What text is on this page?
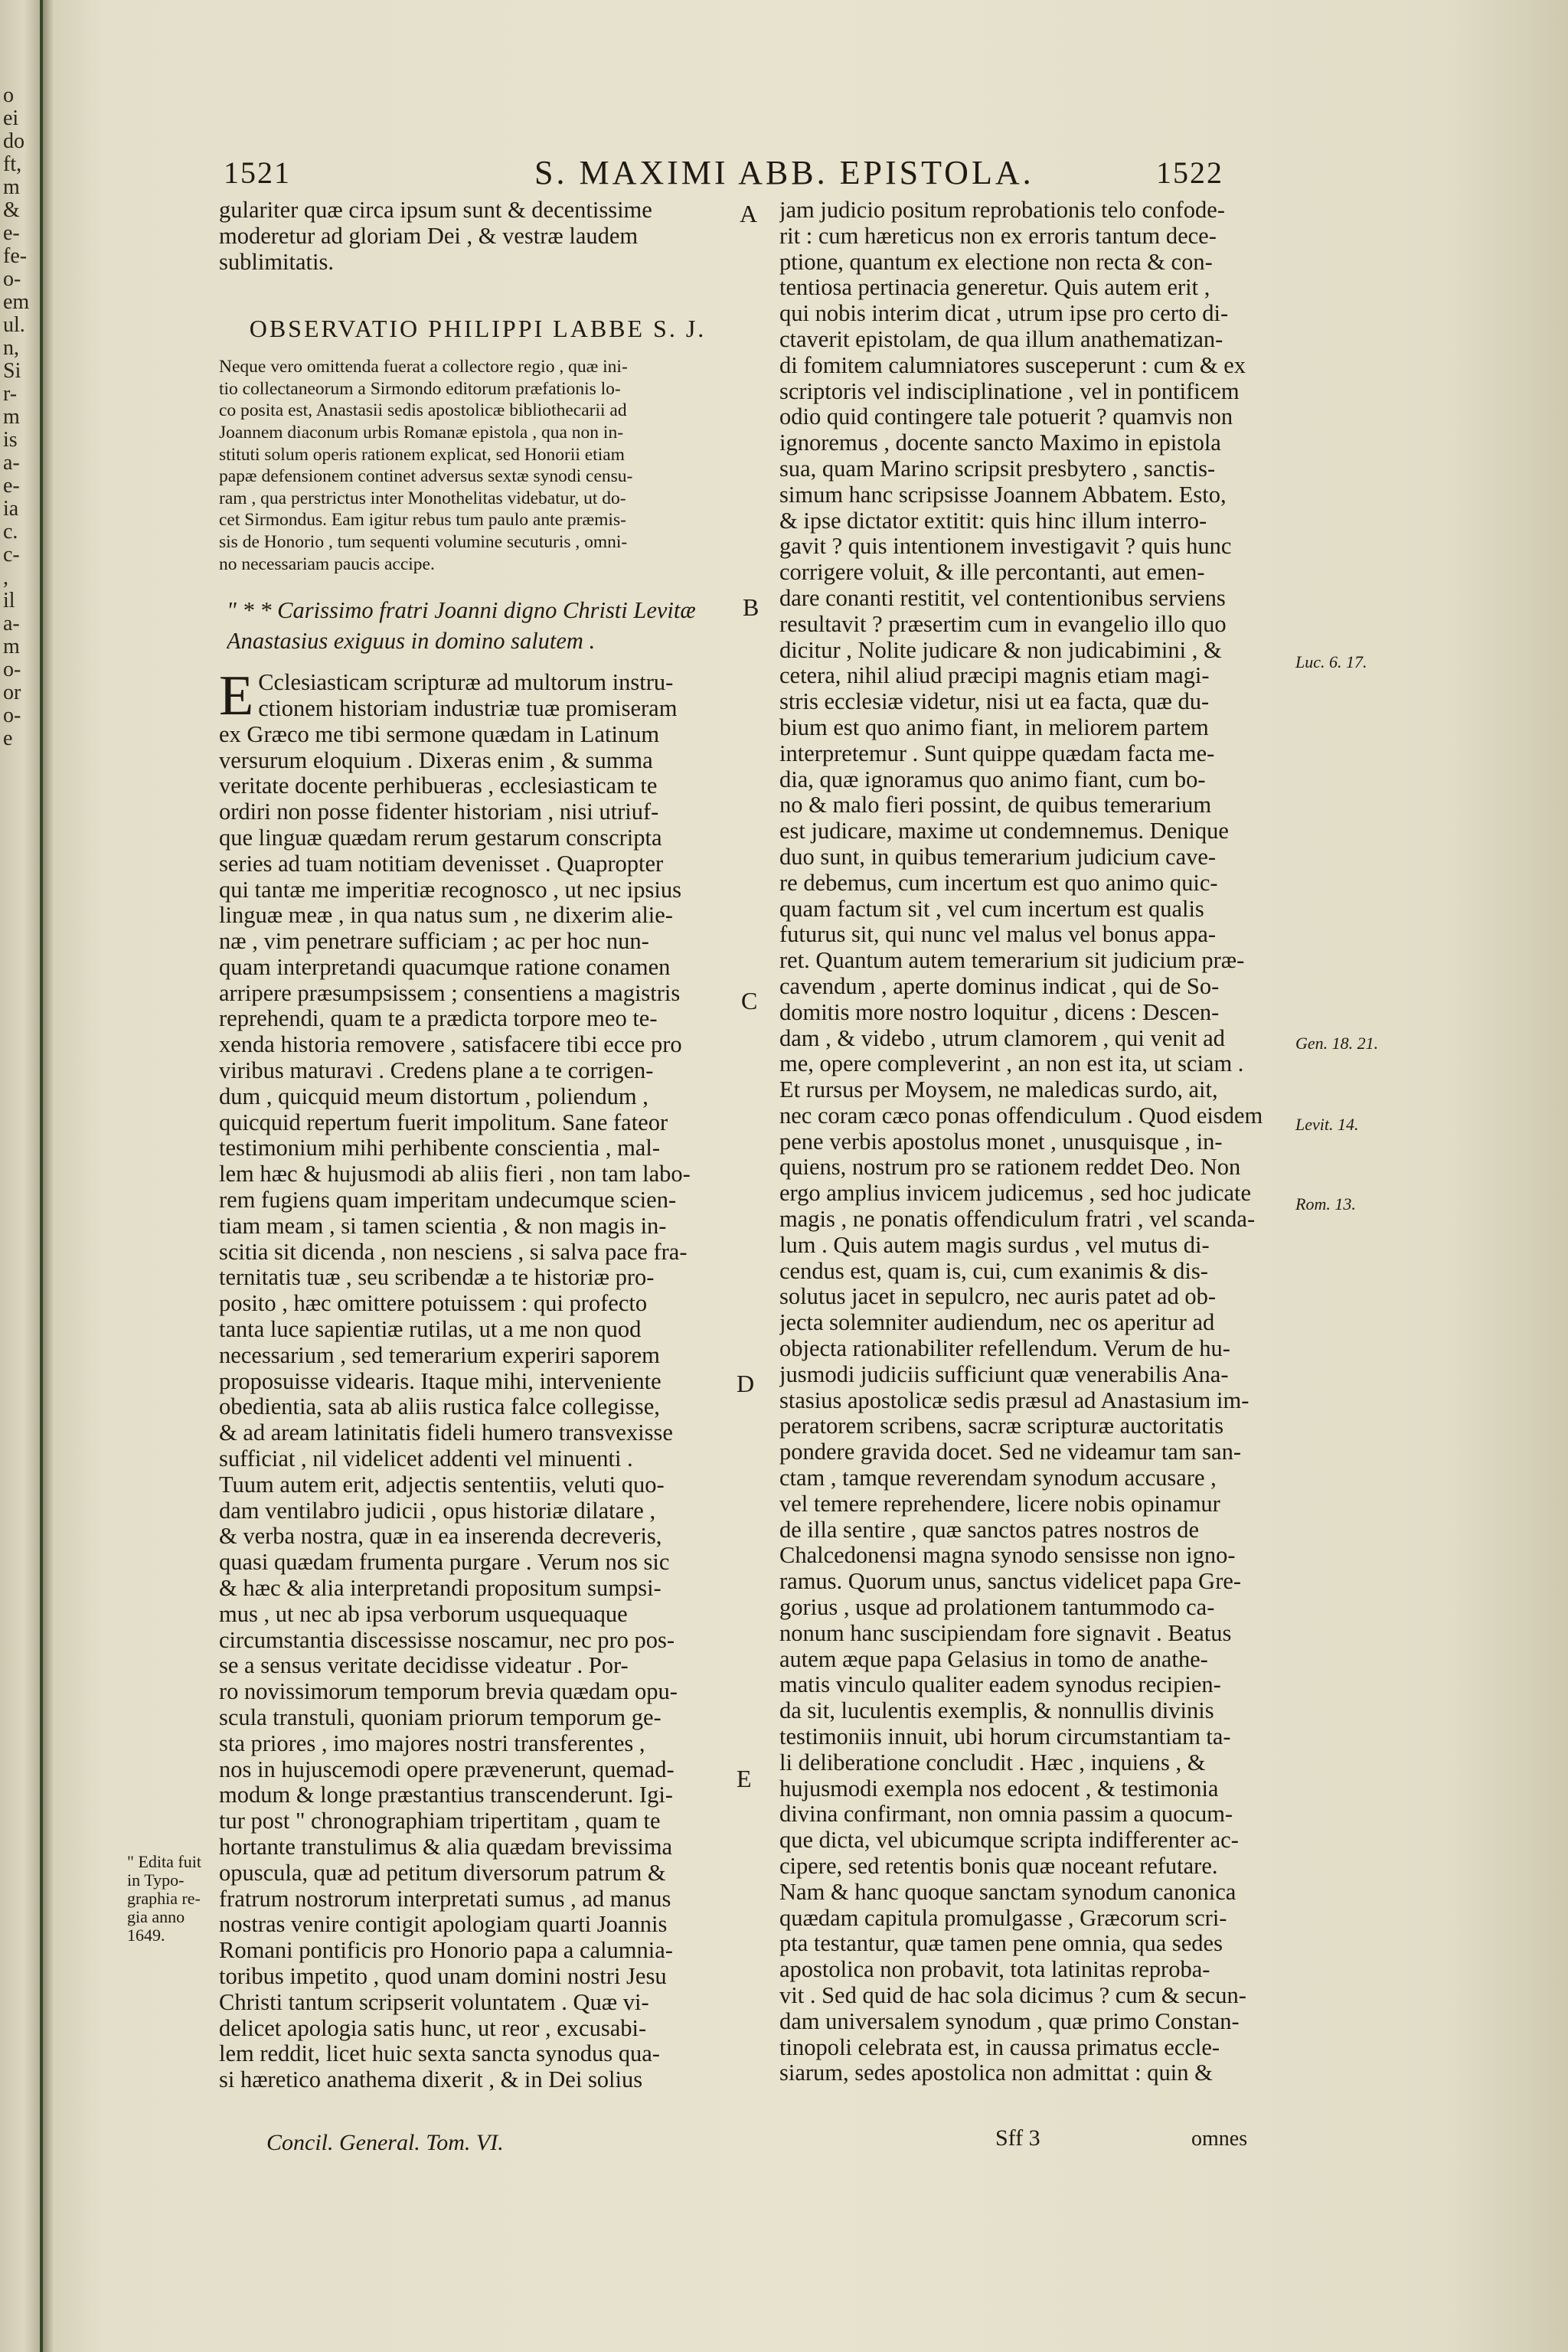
o
ei
do
ft,
m
&
e-
fe-
o-
em
ul.
n,
Si
r-
m
is
a-
e-
ia
c.
c-
,
il
a-
m
o-
or
o-
e
1521	S. MAXIMI ABB. EPISTOLA.	1522
gulariter quæ circa ipsum sunt & decentissime
moderetur ad gloriam Dei , & vestræ laudem
sublimitatis.
OBSERVATIO PHILIPPI LABBE S. J.
Neque vero omittenda fuerat a collectore regio , quæ ini-
tio collectaneorum a Sirmondo editorum præfationis lo-
co posita est, Anastasii sedis apostolicæ bibliothecarii ad
Joannem diaconum urbis Romanæ epistola , qua non in-
stituti solum operis rationem explicat, sed Honorii etiam
papæ defensionem continet adversus sextæ synodi censu-
ram , qua perstrictus inter Monothelitas videbatur, ut do-
cet Sirmondus. Eam igitur rebus tum paulo ante præmis-
sis de Honorio , tum sequenti volumine secuturis , omni-
no necessariam paucis accipe.
" * * Carissimo fratri Joanni digno Christi Levitæ
Anastasius exiguus in domino salutem .
E Cclesiasticam scripturæ ad multorum instru-
ctionem historiam industriæ tuæ promiseram
ex Græco me tibi sermone quædam in Latinum
versurum eloquium . Dixeras enim , & summa
veritate docente perhibueras , ecclesiasticam te
ordiri non posse fidenter historiam , nisi utriuf-
que linguæ quædam rerum gestarum conscripta
series ad tuam notitiam devenisset . Quapropter
qui tantæ me imperitiæ recognosco , ut nec ipsius
linguæ meæ , in qua natus sum , ne dixerim alie-
næ , vim penetrare sufficiam ; ac per hoc nun-
quam interpretandi quacumque ratione conamen
arripere præsumpsissem ; consentiens a magistris
reprehendi, quam te a prædicta torpore meo te-
xenda historia removere , satisfacere tibi ecce pro
viribus maturavi . Credens plane a te corrigen-
dum , quicquid meum distortum , poliendum ,
quicquid repertum fuerit impolitum. Sane fateor
testimonium mihi perhibente conscientia , mal-
lem hæc & hujusmodi ab aliis fieri , non tam labo-
rem fugiens quam imperitam undecumque scien-
tiam meam , si tamen scientia , & non magis in-
scitia sit dicenda , non nesciens , si salva pace fra-
ternitatis tuæ , seu scribendæ a te historiæ pro-
posito , hæc omittere potuissem : qui profecto
tanta luce sapientiæ rutilas, ut a me non quod
necessarium , sed temerarium experiri saporem
proposuisse videaris. Itaque mihi, interveniente
obedientia, sata ab aliis rustica falce collegisse,
& ad aream latinitatis fideli humero transvexisse
sufficiat , nil videlicet addenti vel minuenti .
Tuum autem erit, adjectis sententiis, veluti quo-
dam ventilabro judicii , opus historiæ dilatare ,
& verba nostra, quæ in ea inserenda decreveris,
quasi quædam frumenta purgare . Verum nos sic
& hæc & alia interpretandi propositum sumpsi-
mus , ut nec ab ipsa verborum usquequaque
circumstantia discessisse noscamur, nec pro pos-
se a sensus veritate decidisse videatur . Por-
ro novissimorum temporum brevia quædam opu-
scula transtuli, quoniam priorum temporum ge-
sta priores , imo majores nostri transferentes ,
nos in hujuscemodi opere prævenerunt, quemad-
modum & longe præstantius transcenderunt. Igi-
tur post " chronographiam tripertitam , quam te
hortante transtulimus & alia quædam brevissima
opuscula, quæ ad petitum diversorum patrum &
fratrum nostrorum interpretati sumus , ad manus
nostras venire contigit apologiam quarti Joannis
Romani pontificis pro Honorio papa a calumnia-
toribus impetito , quod unam domini nostri Jesu
Christi tantum scripserit voluntatem . Quæ vi-
delicet apologia satis hunc, ut reor , excusabi-
lem reddit, licet huic sexta sancta synodus qua-
si hæretico anathema dixerit , & in Dei solius
jam judicio positum reprobationis telo confode-
rit : cum hæreticus non ex erroris tantum dece-
ptione, quantum ex electione non recta & con-
tentiosa pertinacia generetur. Quis autem erit ,
qui nobis interim dicat , utrum ipse pro certo di-
ctaverit epistolam, de qua illum anathematizan-
di fomitem calumniatores susceperunt : cum & ex
scriptoris vel indisciplinatione , vel in pontificem
odio quid contingere tale potuerit ? quamvis non
ignoremus , docente sancto Maximo in epistola
sua, quam Marino scripsit presbytero , sanctis-
simum hanc scripsisse Joannem Abbatem. Esto,
& ipse dictator extitit: quis hinc illum interro-
gavit ? quis intentionem investigavit ? quis hunc
corrigere voluit, & ille percontanti, aut emen-
dare conanti restitit, vel contentionibus serviens
resultavit ? præsertim cum in evangelio illo quo
dicitur , Nolite judicare & non judicabimini , &
cetera, nihil aliud præcipi magnis etiam magi-
stris ecclesiæ videtur, nisi ut ea facta, quæ du-
bium est quo animo fiant, in meliorem partem
interpretemur . Sunt quippe quædam facta me-
dia, quæ ignoramus quo animo fiant, cum bo-
no & malo fieri possint, de quibus temerarium
est judicare, maxime ut condemnemus. Denique
duo sunt, in quibus temerarium judicium cave-
re debemus, cum incertum est quo animo quic-
quam factum sit , vel cum incertum est qualis
futurus sit, qui nunc vel malus vel bonus appa-
ret. Quantum autem temerarium sit judicium præ-
cavendum , aperte dominus indicat , qui de So-
domitis more nostro loquitur , dicens : Descen-
dam , & videbo , utrum clamorem , qui venit ad
me, opere compleverint , an non est ita, ut sciam .
Et rursus per Moysem, ne maledicas surdo, ait,
nec coram cæco ponas offendiculum . Quod eisdem
pene verbis apostolus monet , unusquisque , in-
quiens, nostrum pro se rationem reddet Deo. Non
ergo amplius invicem judicemus , sed hoc judicate
magis , ne ponatis offendiculum fratri , vel scanda-
lum . Quis autem magis surdus , vel mutus di-
cendus est, quam is, cui, cum exanimis & dis-
solutus jacet in sepulcro, nec auris patet ad ob-
jecta solemniter audiendum, nec os aperitur ad
objecta rationabiliter refellendum. Verum de hu-
jusmodi judiciis sufficiunt quæ venerabilis Ana-
stasius apostolicæ sedis præsul ad Anastasium im-
peratorem scribens, sacræ scripturæ auctoritatis
pondere gravida docet. Sed ne videamur tam san-
ctam , tamque reverendam synodum accusare ,
vel temere reprehendere, licere nobis opinamur
de illa sentire , quæ sanctos patres nostros de
Chalcedonensi magna synodo sensisse non igno-
ramus. Quorum unus, sanctus videlicet papa Gre-
gorius , usque ad prolationem tantummodo ca-
nonum hanc suscipiendam fore signavit . Beatus
autem æque papa Gelasius in tomo de anathe-
matis vinculo qualiter eadem synodus recipien-
da sit, luculentis exemplis, & nonnullis divinis
testimoniis innuit, ubi horum circumstantiam ta-
li deliberatione concludit . Hæc , inquiens , &
hujusmodi exempla nos edocent , & testimonia
divina confirmant, non omnia passim a quocum-
que dicta, vel ubicumque scripta indifferenter ac-
cipere, sed retentis bonis quæ noceant refutare.
Nam & hanc quoque sanctam synodum canonica
quædam capitula promulgasse , Græcorum scri-
pta testantur, quæ tamen pene omnia, qua sedes
apostolica non probavit, tota latinitas reproba-
vit . Sed quid de hac sola dicimus ? cum & secun-
dam universalem synodum , quæ primo Constan-
tinopoli celebrata est, in caussa primatus eccle-
siarum, sedes apostolica non admittat : quin &
A
B
C
D
E
Luc. 6. 17.
Gen. 18. 21.
Levit. 14.
Rom. 13.
" Edita fuit
in Typo-
graphia re-
gia anno
1649.
Concil. General. Tom. VI.	Sff 3	omnes
